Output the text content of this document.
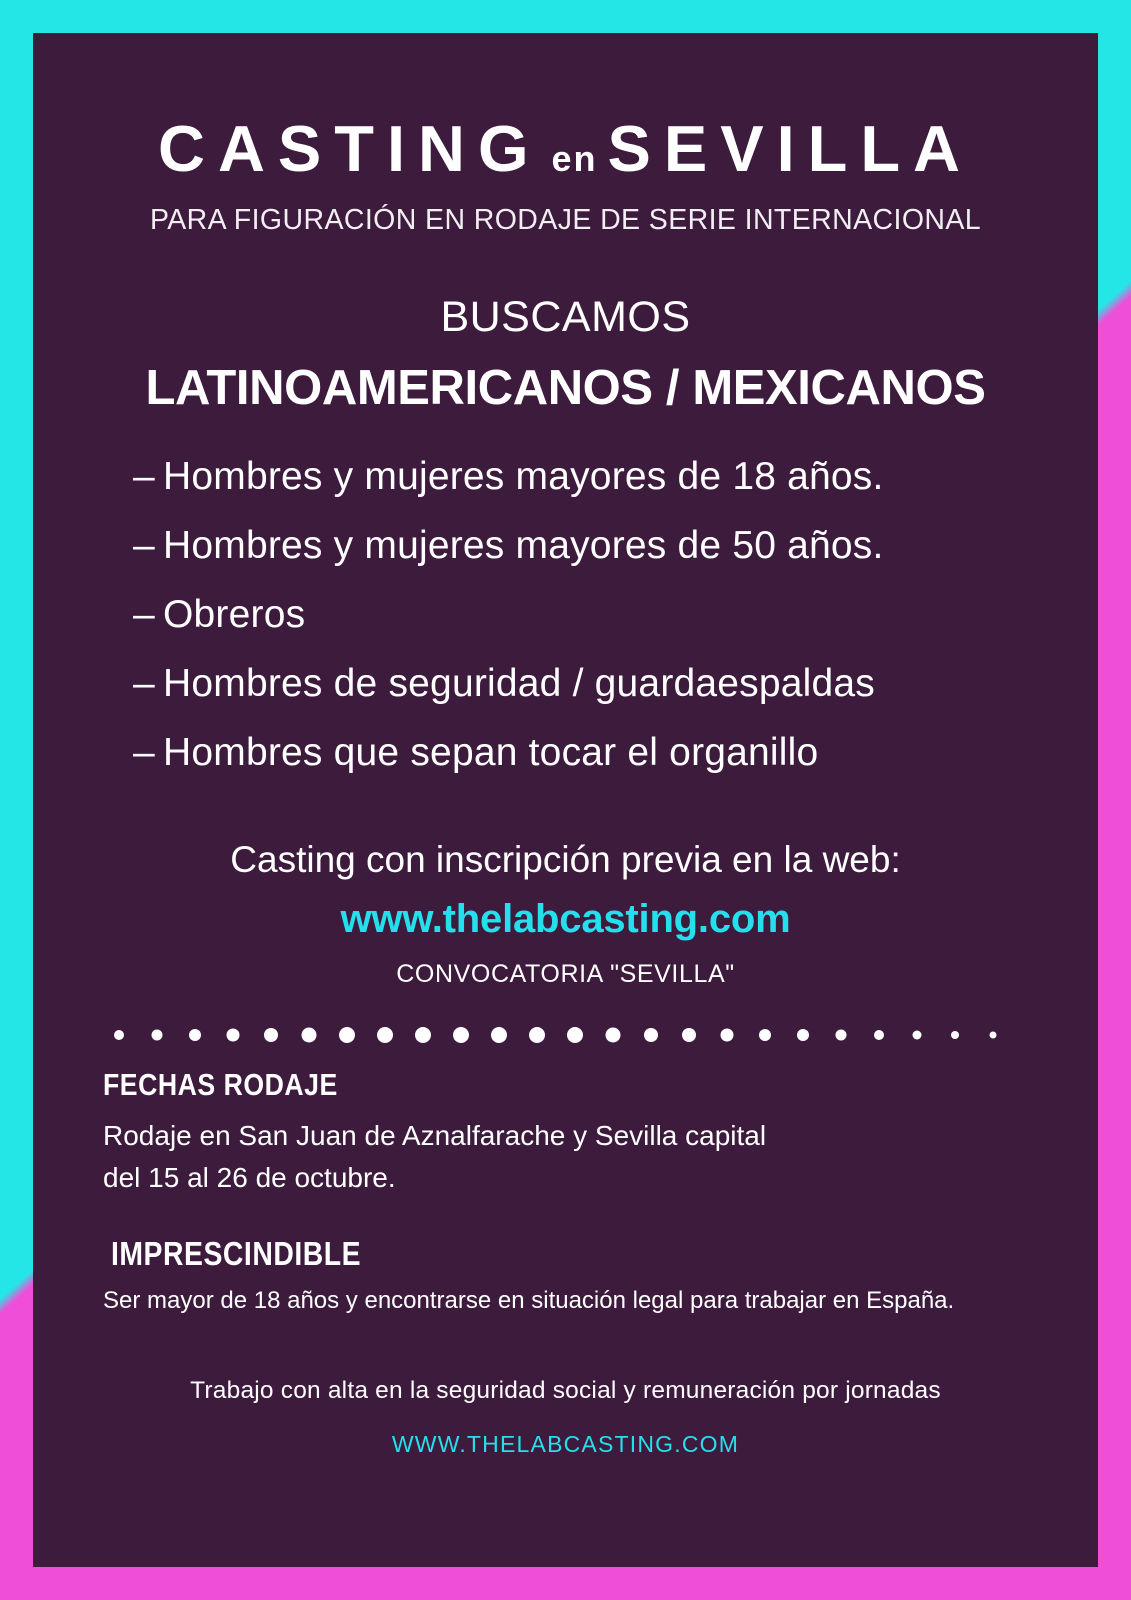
CASTING en SEVILLA
PARA FIGURACIÓN EN RODAJE DE SERIE INTERNACIONAL
BUSCAMOS
LATINOAMERICANOS / MEXICANOS
– Hombres y mujeres mayores de 18 años.
– Hombres y mujeres mayores de 50 años.
– Obreros
– Hombres de seguridad / guardaespaldas
– Hombres que sepan tocar el organillo
Casting con inscripción previa en la web:
www.thelabcasting.com
CONVOCATORIA "SEVILLA"
FECHAS RODAJE
Rodaje en San Juan de Aznalfarache y Sevilla capital
del 15 al 26 de octubre.
IMPRESCINDIBLE
Ser mayor de 18 años y encontrarse en situación legal para trabajar en España.
Trabajo con alta en la seguridad social y remuneración por jornadas
WWW.THELABCASTING.COM
